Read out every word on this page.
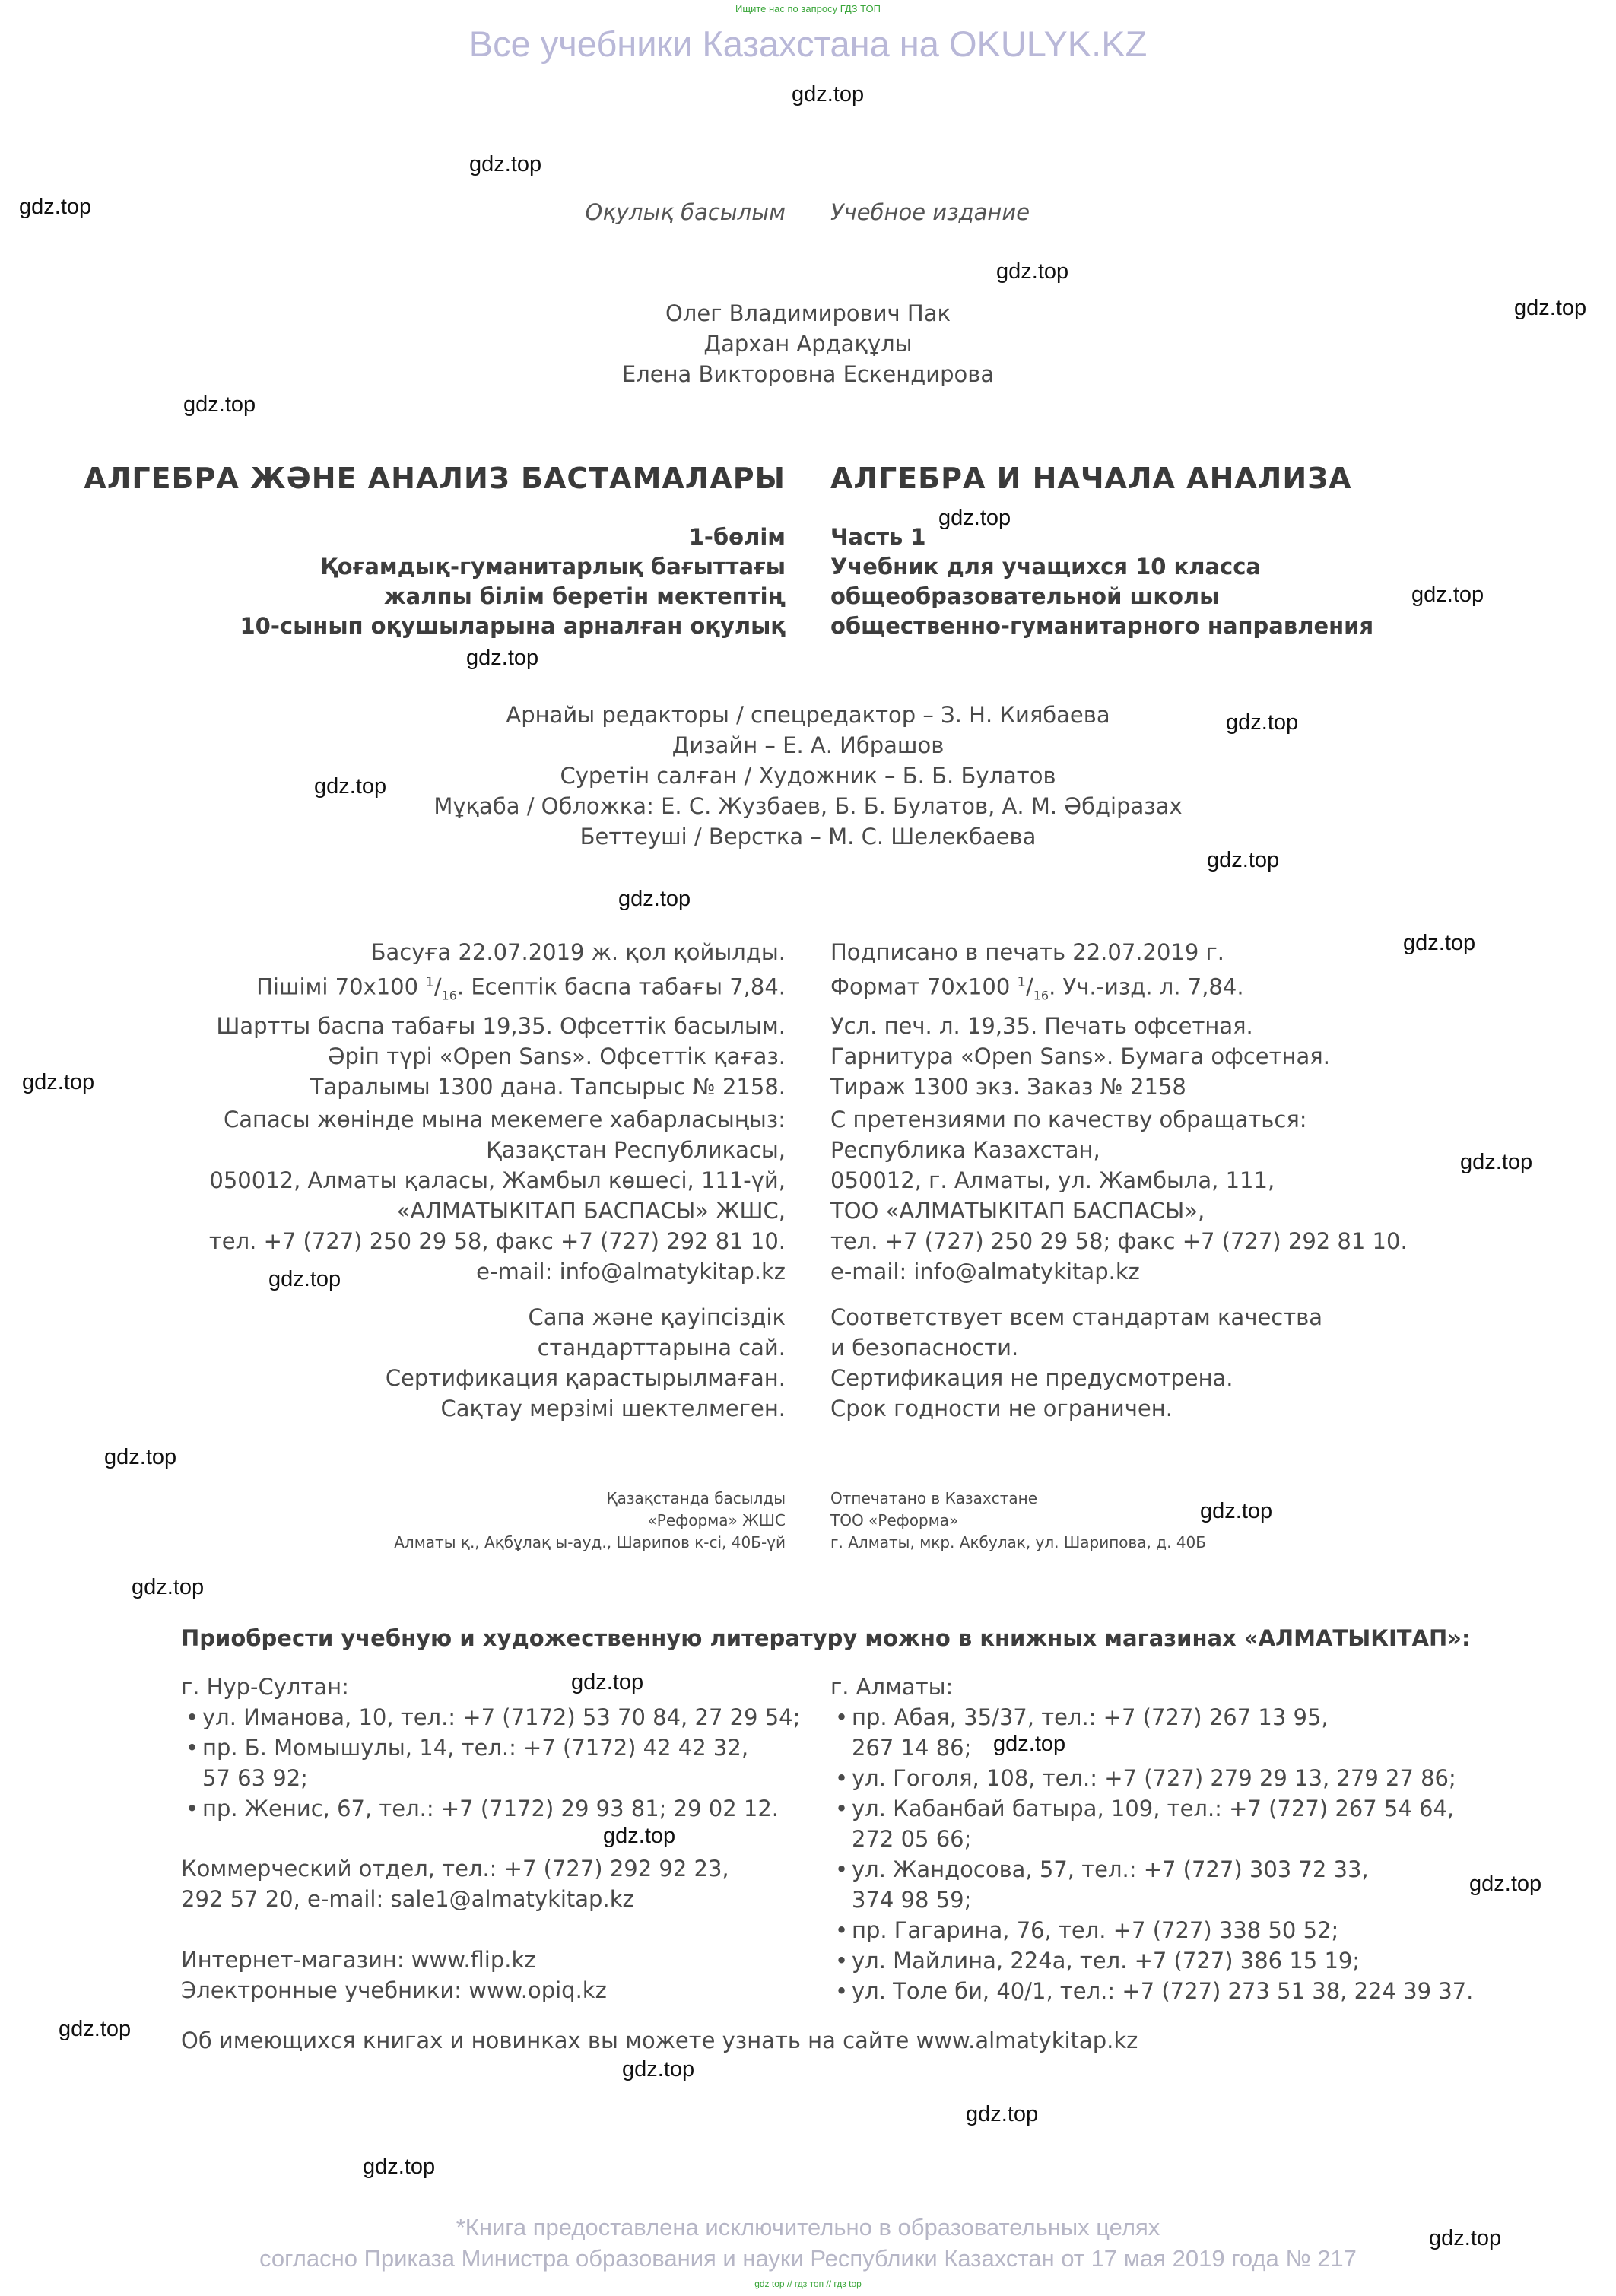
Ищите нас по запросу ГДЗ ТОП
Все учебники Казахстана на OKULYK.KZ
Оқулық басылым Учебное издание
Олег Владимирович Пак
Дархан Ардақұлы
Елена Викторовна Ескендирова
АЛГЕБРА ЖӘНЕ АНАЛИЗ БАСТАМАЛАРЫ АЛГЕБРА И НАЧАЛА АНАЛИЗА
1-бөлім
Қоғамдық-гуманитарлық бағыттағы
жалпы білім беретін мектептің
10-сынып оқушыларына арналған оқулық
Часть 1
Учебник для учащихся 10 класса
общеобразовательной школы
общественно-гуманитарного направления
Арнайы редакторы / спецредактор – З. Н. Киябаева
Дизайн – Е. А. Ибрашов
Суретін салған / Художник – Б. Б. Булатов
Мұқаба / Обложка: Е. С. Жузбаев, Б. Б. Булатов, А. М. Әбдіразах
Беттеуші / Верстка – М. С. Шелекбаева
Басуға 22.07.2019 ж. қол қойылды.
Пішімі 70x100 $^1/_{16}$. Есептік баспа табағы 7,84.
Шартты баспа табағы 19,35. Офсеттік басылым.
Әріп түрі «Open Sans». Офсеттік қағаз.
Таралымы 1300 дана. Тапсырыс № 2158.
Подписано в печать 22.07.2019 г.
Формат 70x100 $^1/_{16}$. Уч.-изд. л. 7,84.
Усл. печ. л. 19,35. Печать офсетная.
Гарнитура «Open Sans». Бумага офсетная.
Тираж 1300 экз. Заказ № 2158
Сапасы жөнінде мына мекемеге хабарласыңыз:
Қазақстан Республикасы,
050012, Алматы қаласы, Жамбыл көшесі, 111-үй,
«АЛМАТЫКІТАП БАСПАСЫ» ЖШС,
тел. +7 (727) 250 29 58, факс +7 (727) 292 81 10.
e-mail: info@almatykitap.kz
С претензиями по качеству обращаться:
Республика Казахстан,
050012, г. Алматы, ул. Жамбыла, 111,
ТОО «АЛМАТЫКІТАП БАСПАСЫ»,
тел. +7 (727) 250 29 58; факс +7 (727) 292 81 10.
e-mail: info@almatykitap.kz
Сапа және қауіпсіздік
стандарттарына сай.
Сертификация қарастырылмаған.
Сақтау мерзімі шектелмеген.
Соответствует всем стандартам качества
и безопасности.
Сертификация не предусмотрена.
Срок годности не ограничен.
Қазақстанда басылды
«Реформа» ЖШС
Алматы қ., Ақбұлақ ы-ауд., Шарипов к-сі, 40Б-үй
Отпечатано в Казахстане
ТОО «Реформа»
г. Алматы, мкр. Акбулак, ул. Шарипова, д. 40Б
Приобрести учебную и художественную литературу можно в книжных магазинах «АЛМАТЫКІТАП»:
г. Нур-Султан:
• ул. Иманова, 10, тел.: +7 (7172) 53 70 84, 27 29 54;
• пр. Б. Момышулы, 14, тел.: +7 (7172) 42 42 32,
57 63 92;
• пр. Женис, 67, тел.: +7 (7172) 29 93 81; 29 02 12.
Коммерческий отдел, тел.: +7 (727) 292 92 23,
292 57 20, e-mail: sale1@almatykitap.kz
Интернет-магазин: www.flip.kz
Электронные учебники: www.opiq.kz
г. Алматы:
• пр. Абая, 35/37, тел.: +7 (727) 267 13 95,
267 14 86;
• ул. Гоголя, 108, тел.: +7 (727) 279 29 13, 279 27 86;
• ул. Кабанбай батыра, 109, тел.: +7 (727) 267 54 64,
272 05 66;
• ул. Жандосова, 57, тел.: +7 (727) 303 72 33,
374 98 59;
• пр. Гагарина, 76, тел. +7 (727) 338 50 52;
• ул. Майлина, 224а, тел. +7 (727) 386 15 19;
• ул. Толе би, 40/1, тел.: +7 (727) 273 51 38, 224 39 37.
Об имеющихся книгах и новинках вы можете узнать на сайте www.almatykitap.kz
gdz.top
gdz.top
gdz.top
gdz.top
gdz.top
gdz.top
gdz.top
gdz.top
gdz.top
gdz.top
gdz.top
gdz.top
gdz.top
gdz.top
gdz.top
gdz.top
gdz.top
gdz.top
gdz.top
gdz.top
gdz.top
gdz.top
gdz.top
gdz.top
gdz.top
gdz.top
gdz.top
gdz.top
gdz.top
*Книга предоставлена исключительно в образовательных целях
согласно Приказа Министра образования и науки Республики Казахстан от 17 мая 2019 года № 217
gdz top // гдз топ // гдз top
